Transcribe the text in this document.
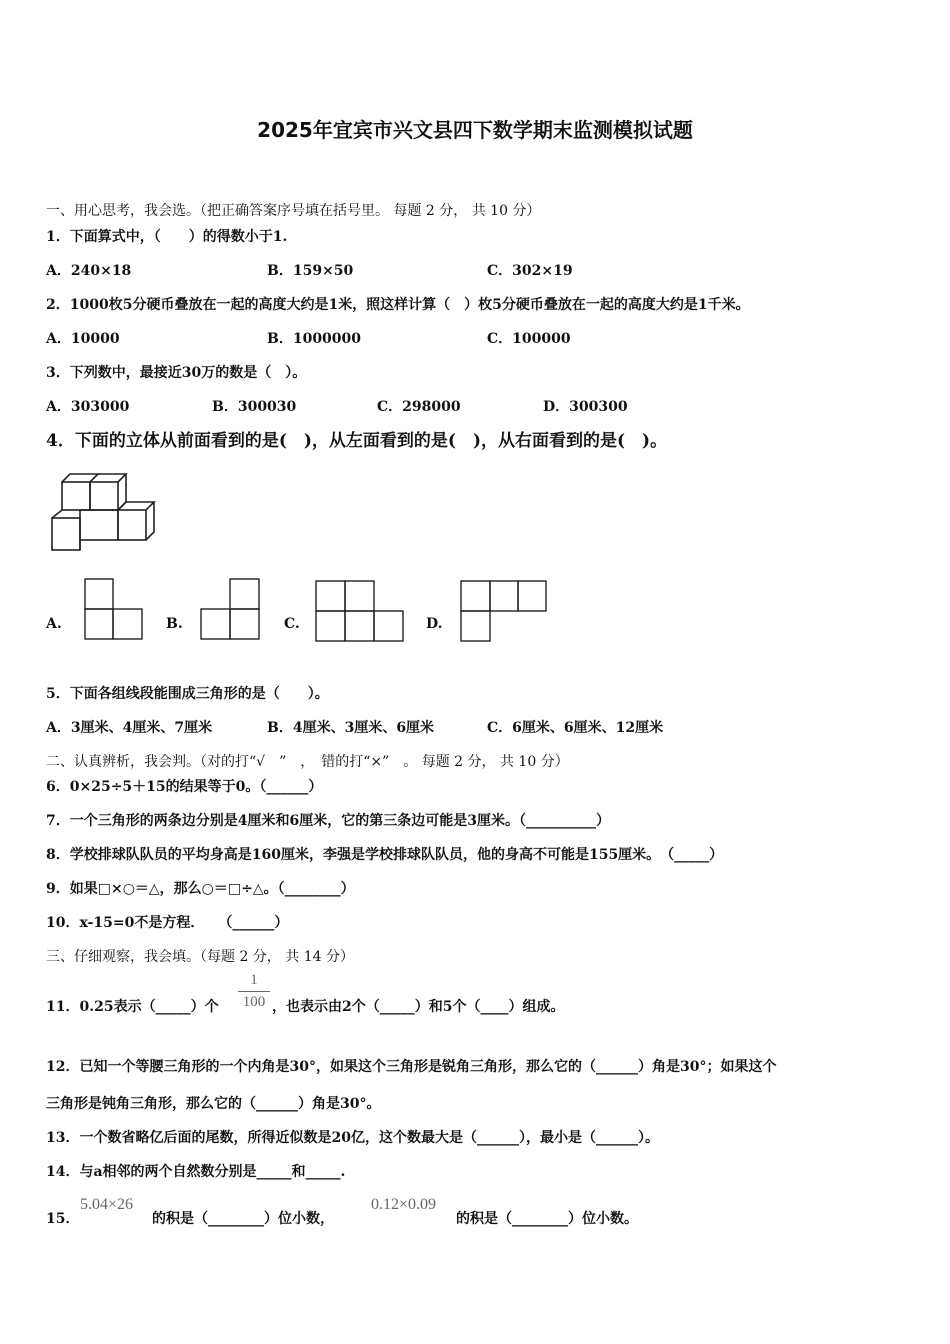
2025年宜宾市兴文县四下数学期末监测模拟试题
一、用心思考，我会选。（把正确答案序号填在括号里。 每题 2 分， 共 10 分）
1．下面算式中，（　　）的得数小于1.
A．240×18	B．159×50	C．302×19
2．1000枚5分硬币叠放在一起的高度大约是1米，照这样计算（　）枚5分硬币叠放在一起的高度大约是1千米。
A．10000	B．1000000	C．100000
3．下列数中，最接近30万的数是（　）。
A．303000	B．300030	C．298000	D．300300
4．下面的立体从前面看到的是(　)，从左面看到的是(　)，从右面看到的是(　)。
A.	B.	C.	D.
5．下面各组线段能围成三角形的是（　　）。
A．3厘米、4厘米、7厘米	B．4厘米、3厘米、6厘米	C．6厘米、6厘米、12厘米
二、认真辨析，我会判。（对的打“√　”　，　错的打“×”　。 每题 2 分， 共 10 分）
6．0×25÷5＋15的结果等于0。（______）
7．一个三角形的两条边分别是4厘米和6厘米，它的第三条边可能是3厘米。（__________）
8．学校排球队队员的平均身高是160厘米，李强是学校排球队队员，他的身高不可能是155厘米。　（_____）
9．如果□×○＝△，那么○＝□÷△。（________）
10．x-15=0不是方程．　　（______）
三、仔细观察，我会填。（每题 2 分， 共 14 分）
11．0.25表示（_____）个
1
100 ，也表示由2个（_____）和5个（____）组成。
12．已知一个等腰三角形的一个内角是30°，如果这个三角形是锐角三角形，那么它的（______）角是30°；如果这个
三角形是钝角三角形，那么它的（______）角是30°。
13．一个数省略亿后面的尾数，所得近似数是20亿，这个数最大是（______），最小是（______）。
14．与a相邻的两个自然数分别是_____和_____.
15．
5.04×26
的积是（________）位小数，
0.12×0.09
的积是（________）位小数。
